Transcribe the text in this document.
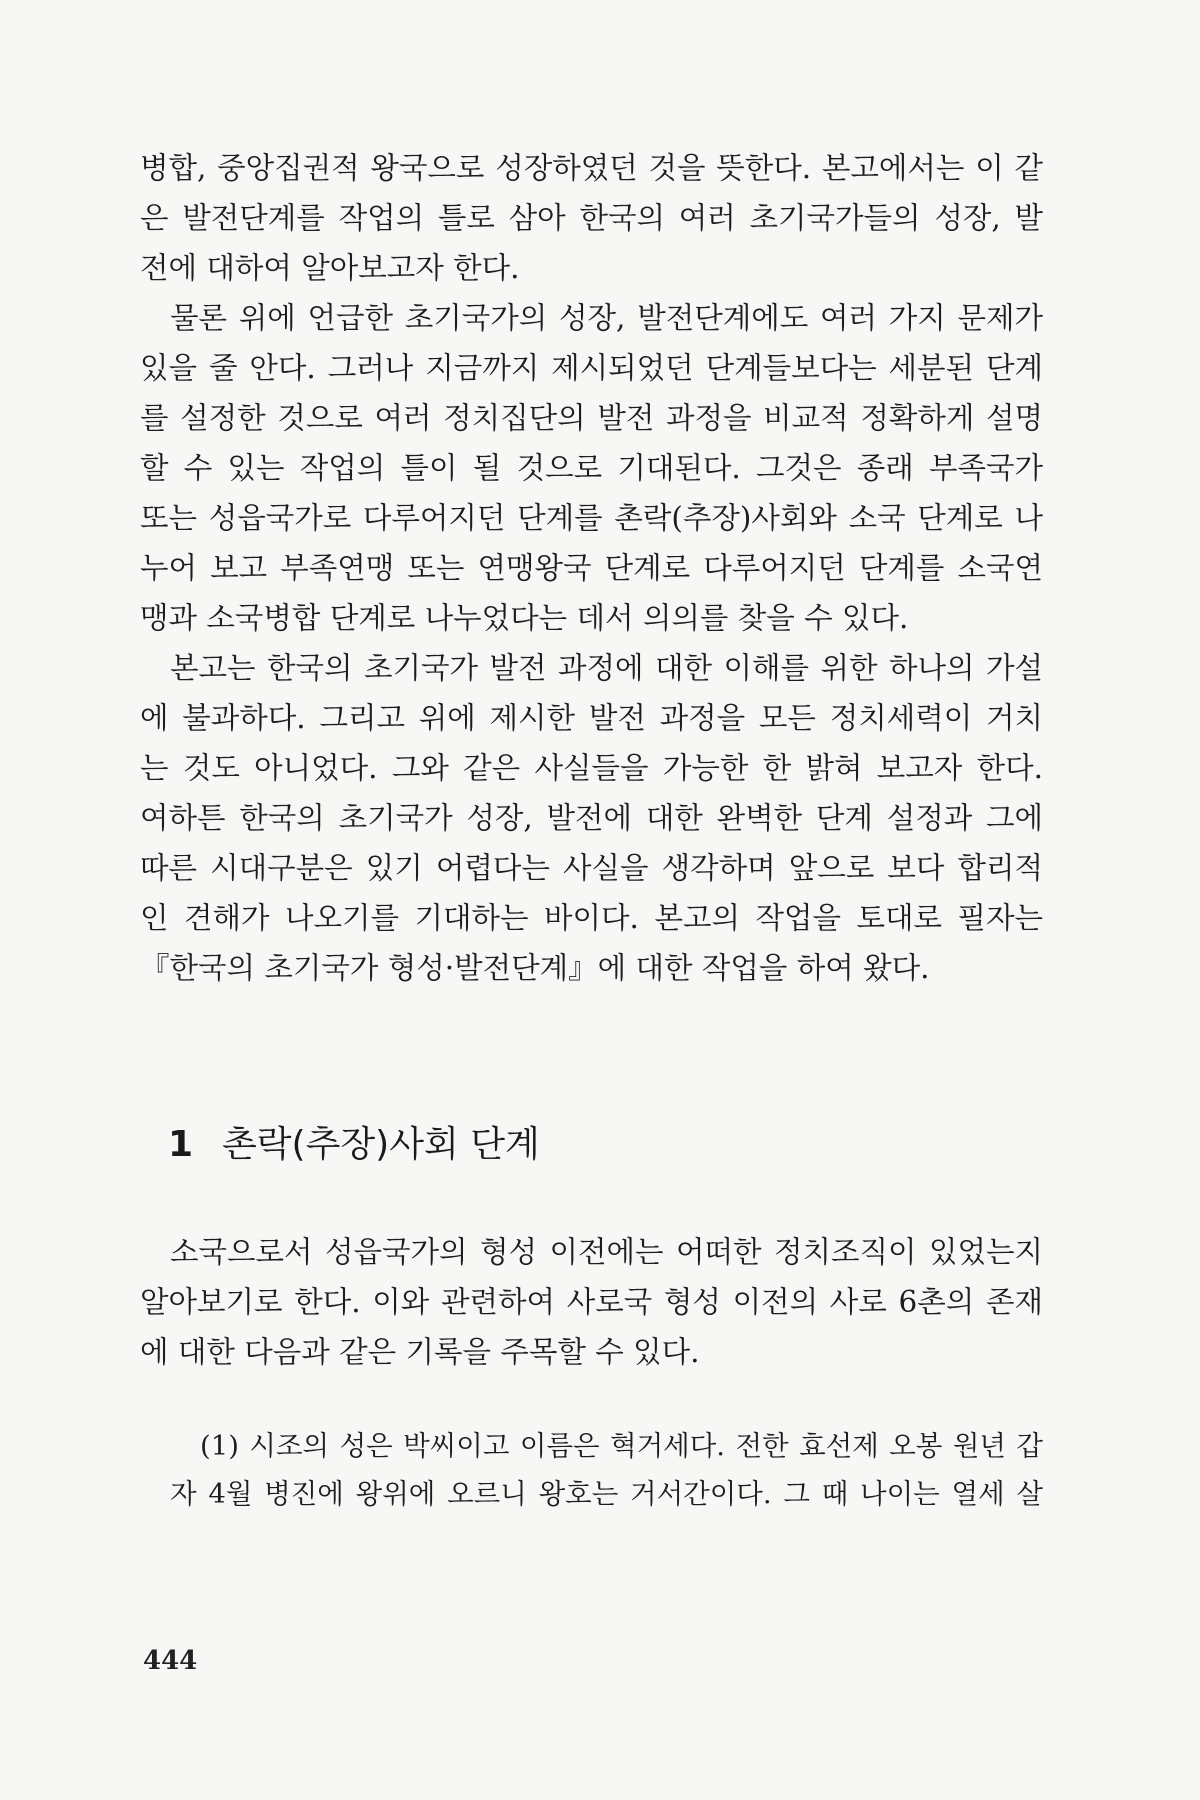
병합, 중앙집권적 왕국으로 성장하였던 것을 뜻한다. 본고에서는 이 같
은 발전단계를 작업의 틀로 삼아 한국의 여러 초기국가들의 성장, 발
전에 대하여 알아보고자 한다.
물론 위에 언급한 초기국가의 성장, 발전단계에도 여러 가지 문제가
있을 줄 안다. 그러나 지금까지 제시되었던 단계들보다는 세분된 단계
를 설정한 것으로 여러 정치집단의 발전 과정을 비교적 정확하게 설명
할 수 있는 작업의 틀이 될 것으로 기대된다. 그것은 종래 부족국가
또는 성읍국가로 다루어지던 단계를 촌락(추장)사회와 소국 단계로 나
누어 보고 부족연맹 또는 연맹왕국 단계로 다루어지던 단계를 소국연
맹과 소국병합 단계로 나누었다는 데서 의의를 찾을 수 있다.
본고는 한국의 초기국가 발전 과정에 대한 이해를 위한 하나의 가설
에 불과하다. 그리고 위에 제시한 발전 과정을 모든 정치세력이 거치
는 것도 아니었다. 그와 같은 사실들을 가능한 한 밝혀 보고자 한다.
여하튼 한국의 초기국가 성장, 발전에 대한 완벽한 단계 설정과 그에
따른 시대구분은 있기 어렵다는 사실을 생각하며 앞으로 보다 합리적
인 견해가 나오기를 기대하는 바이다. 본고의 작업을 토대로 필자는
『한국의 초기국가 형성·발전단계』에 대한 작업을 하여 왔다.
1 촌락(추장)사회 단계
소국으로서 성읍국가의 형성 이전에는 어떠한 정치조직이 있었는지
알아보기로 한다. 이와 관련하여 사로국 형성 이전의 사로 6촌의 존재
에 대한 다음과 같은 기록을 주목할 수 있다.
(1) 시조의 성은 박씨이고 이름은 혁거세다. 전한 효선제 오봉 원년 갑
자 4월 병진에 왕위에 오르니 왕호는 거서간이다. 그 때 나이는 열세 살
444
